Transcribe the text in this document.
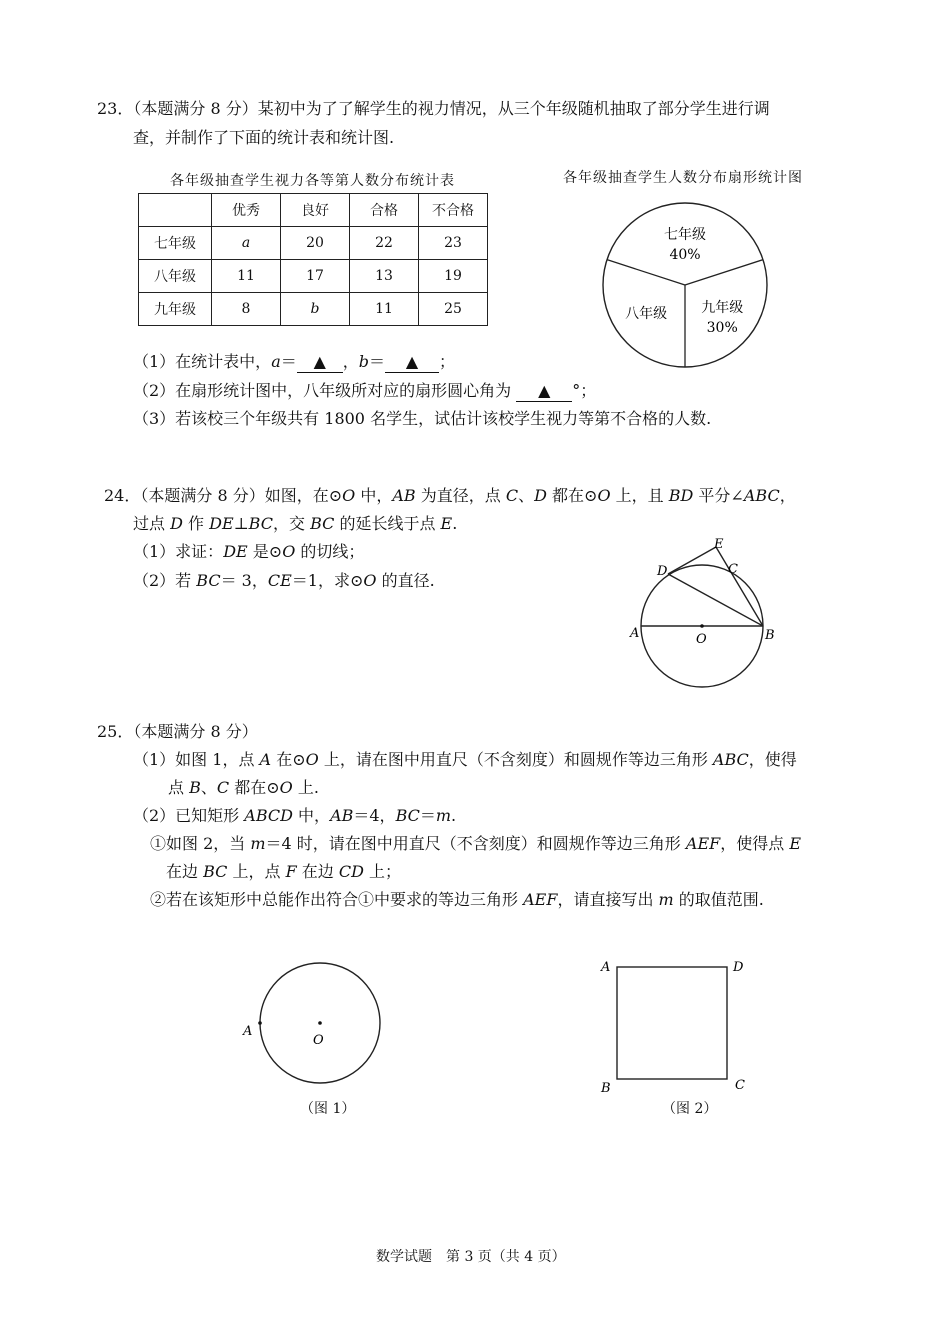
23．（本题满分 8 分）某初中为了了解学生的视力情况，从三个年级随机抽取了部分学生进行调
查，并制作了下面的统计表和统计图.
各年级抽查学生视力各等第人数分布统计表
	优秀	良好	合格	不合格
七年级	a	20	22	23
八年级	11	17	13	19
九年级	8	b	11	25
各年级抽查学生人数分布扇形统计图
七年级
40%
八年级 九年级
30%
（1）在统计表中，a＝ ▲ ，b＝ ▲ ；
（2）在扇形统计图中，八年级所对应的扇形圆心角为 ▲ °；
（3）若该校三个年级共有 1800 名学生，试估计该校学生视力等第不合格的人数.
24．（本题满分 8 分）如图，在⊙O 中，AB 为直径，点 C、D 都在⊙O 上，且 BD 平分∠ABC，
过点 D 作 DE⊥BC，交 BC 的延长线于点 E.
（1）求证：DE 是⊙O 的切线；
（2）若 BC＝ 3，CE＝1，求⊙O 的直径.
E
D	C
A	O	B
25．（本题满分 8 分）
（1）如图 1，点 A 在⊙O 上，请在图中用直尺（不含刻度）和圆规作等边三角形 ABC，使得
点 B、C 都在⊙O 上.
（2）已知矩形 ABCD 中，AB＝4，BC＝m.
①如图 2，当 m＝4 时，请在图中用直尺（不含刻度）和圆规作等边三角形 AEF，使得点 E
在边 BC 上，点 F 在边 CD 上；
②若在该矩形中总能作出符合①中要求的等边三角形 AEF，请直接写出 m 的取值范围.
A
O
（图 1）
A	D
B	C
（图 2）
数学试题　第 3 页（共 4 页）
